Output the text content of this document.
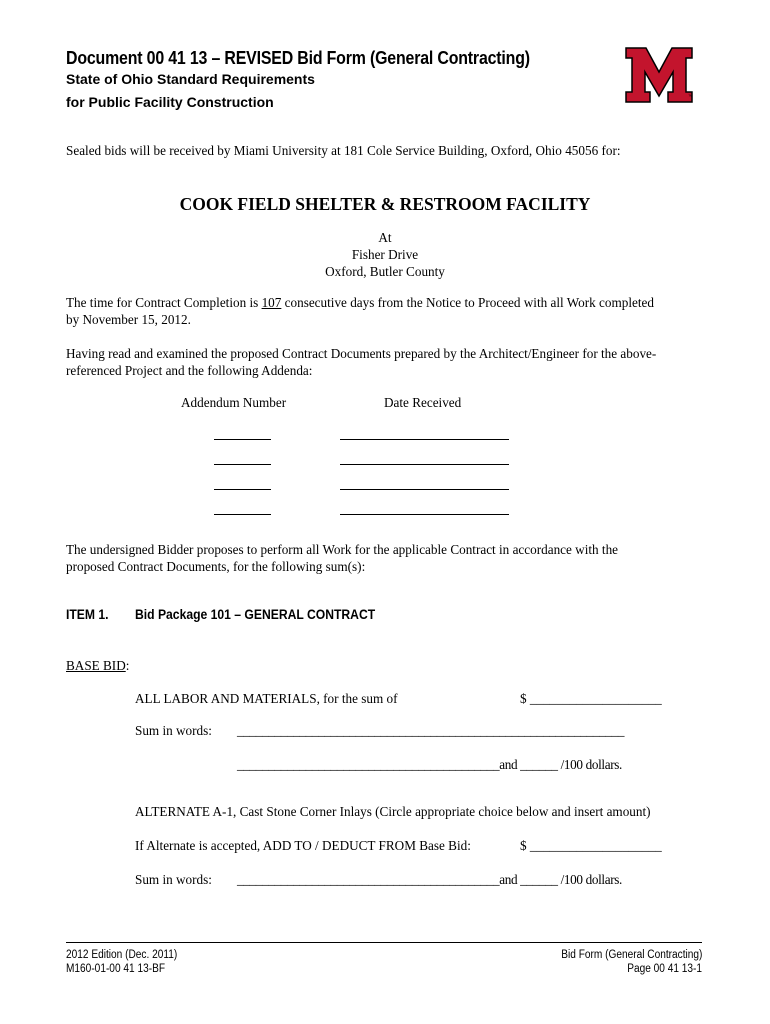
Document 00 41 13 – REVISED Bid Form (General Contracting)
State of Ohio Standard Requirements
for Public Facility Construction	™
Sealed bids will be received by Miami University at 181 Cole Service Building, Oxford, Ohio 45056 for:
COOK FIELD SHELTER & RESTROOM FACILITY
At
Fisher Drive
Oxford, Butler County
The time for Contract Completion is 107 consecutive days from the Notice to Proceed with all Work completed
by November 15, 2012.
Having read and examined the proposed Contract Documents prepared by the Architect/Engineer for the above-
referenced Project and the following Addenda:
Addendum Number	Date Received
The undersigned Bidder proposes to perform all Work for the applicable Contract in accordance with the
proposed Contract Documents, for the following sum(s):
ITEM 1. Bid Package 101 – GENERAL CONTRACT
BASE BID:
ALL LABOR AND MATERIALS, for the sum of	$ ____________________
Sum in words: ______________________________________________________________
__________________________________________and ______ /100 dollars.
ALTERNATE A-1, Cast Stone Corner Inlays (Circle appropriate choice below and insert amount)
If Alternate is accepted, ADD TO / DEDUCT FROM Base Bid:	$ ____________________
Sum in words: __________________________________________and ______ /100 dollars.
2012 Edition (Dec. 2011)
M160-01-00 41 13-BF
Bid Form (General Contracting)
Page 00 41 13-1
